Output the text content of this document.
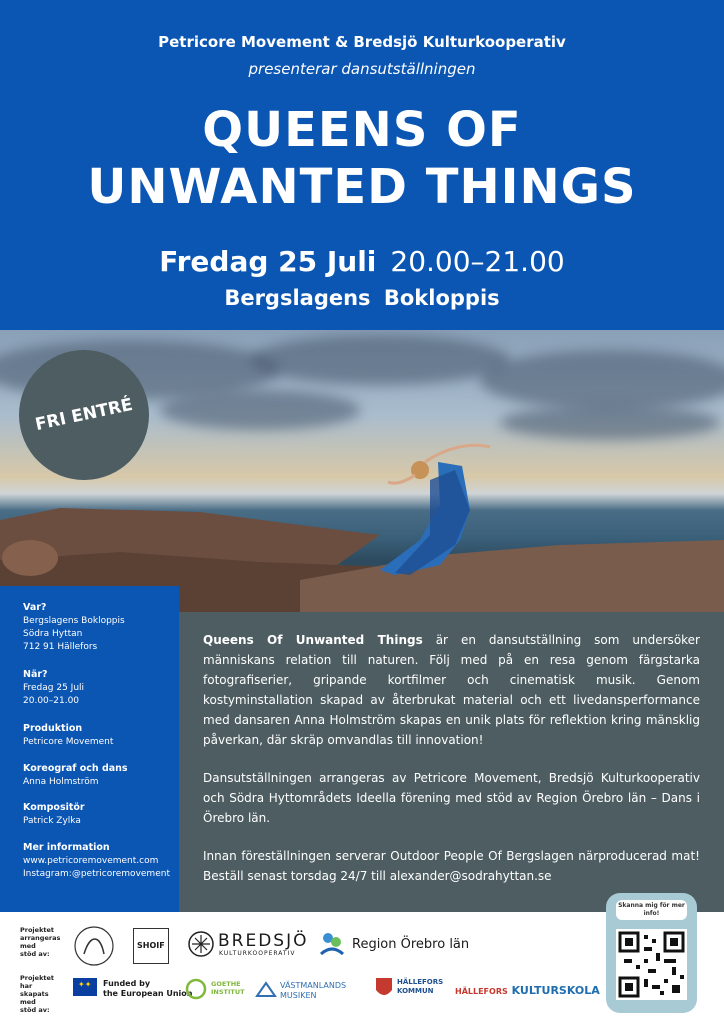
Petricore Movement & Bredsjö Kulturkooperativ
presenterar dansutställningen
QUEENS OF
UNWANTED THINGS
Fredag 25 Juli 20.00–21.00
Bergslagens Bokloppis
FRI ENTRÉ
Var?
Bergslagens Bokloppis
Södra Hyttan
712 91 Hällefors
När?
Fredag 25 Juli
20.00–21.00
Produktion
Petricore Movement
Koreograf och dans
Anna Holmström
Kompositör
Patrick Zylka
Mer information
www.petricoremovement.com
Instagram:@petricoremovement

Queens Of Unwanted Things är en dansutställning som undersöker människans relation till naturen. Följ med på en resa genom färgstarka fotografiserier, gripande kortfilmer och cinematisk musik. Genom kostyminstallation skapad av återbrukat material och ett livedansperformance med dansaren Anna Holmström skapas en unik plats för reflektion kring mänsklig påverkan, där skräp omvandlas till innovation!

Dansutställningen arrangeras av Petricore Movement, Bredsjö Kulturkooperativ och Södra Hyttområdets Ideella förening med stöd av Region Örebro län – Dans i Örebro län.

Innan föreställningen serverar Outdoor People Of Bergslagen närproducerad mat! Beställ senast torsdag 24/7 till alexander@sodrahyttan.se

Projektet arrangeras med stöd av:
Projektet har skapats med stöd av:
SHOIF	BREDSJÖ
KULTURKOOPERATIV
Region Örebro län
✦✦ Funded by
the European Union
GOETHE
INSTITUT
VÄSTMANLANDS
MUSIKEN
HÄLLEFORS
KOMMUN	HÄLLEFORS KULTURSKOLA
Skanna mig för mer info!
